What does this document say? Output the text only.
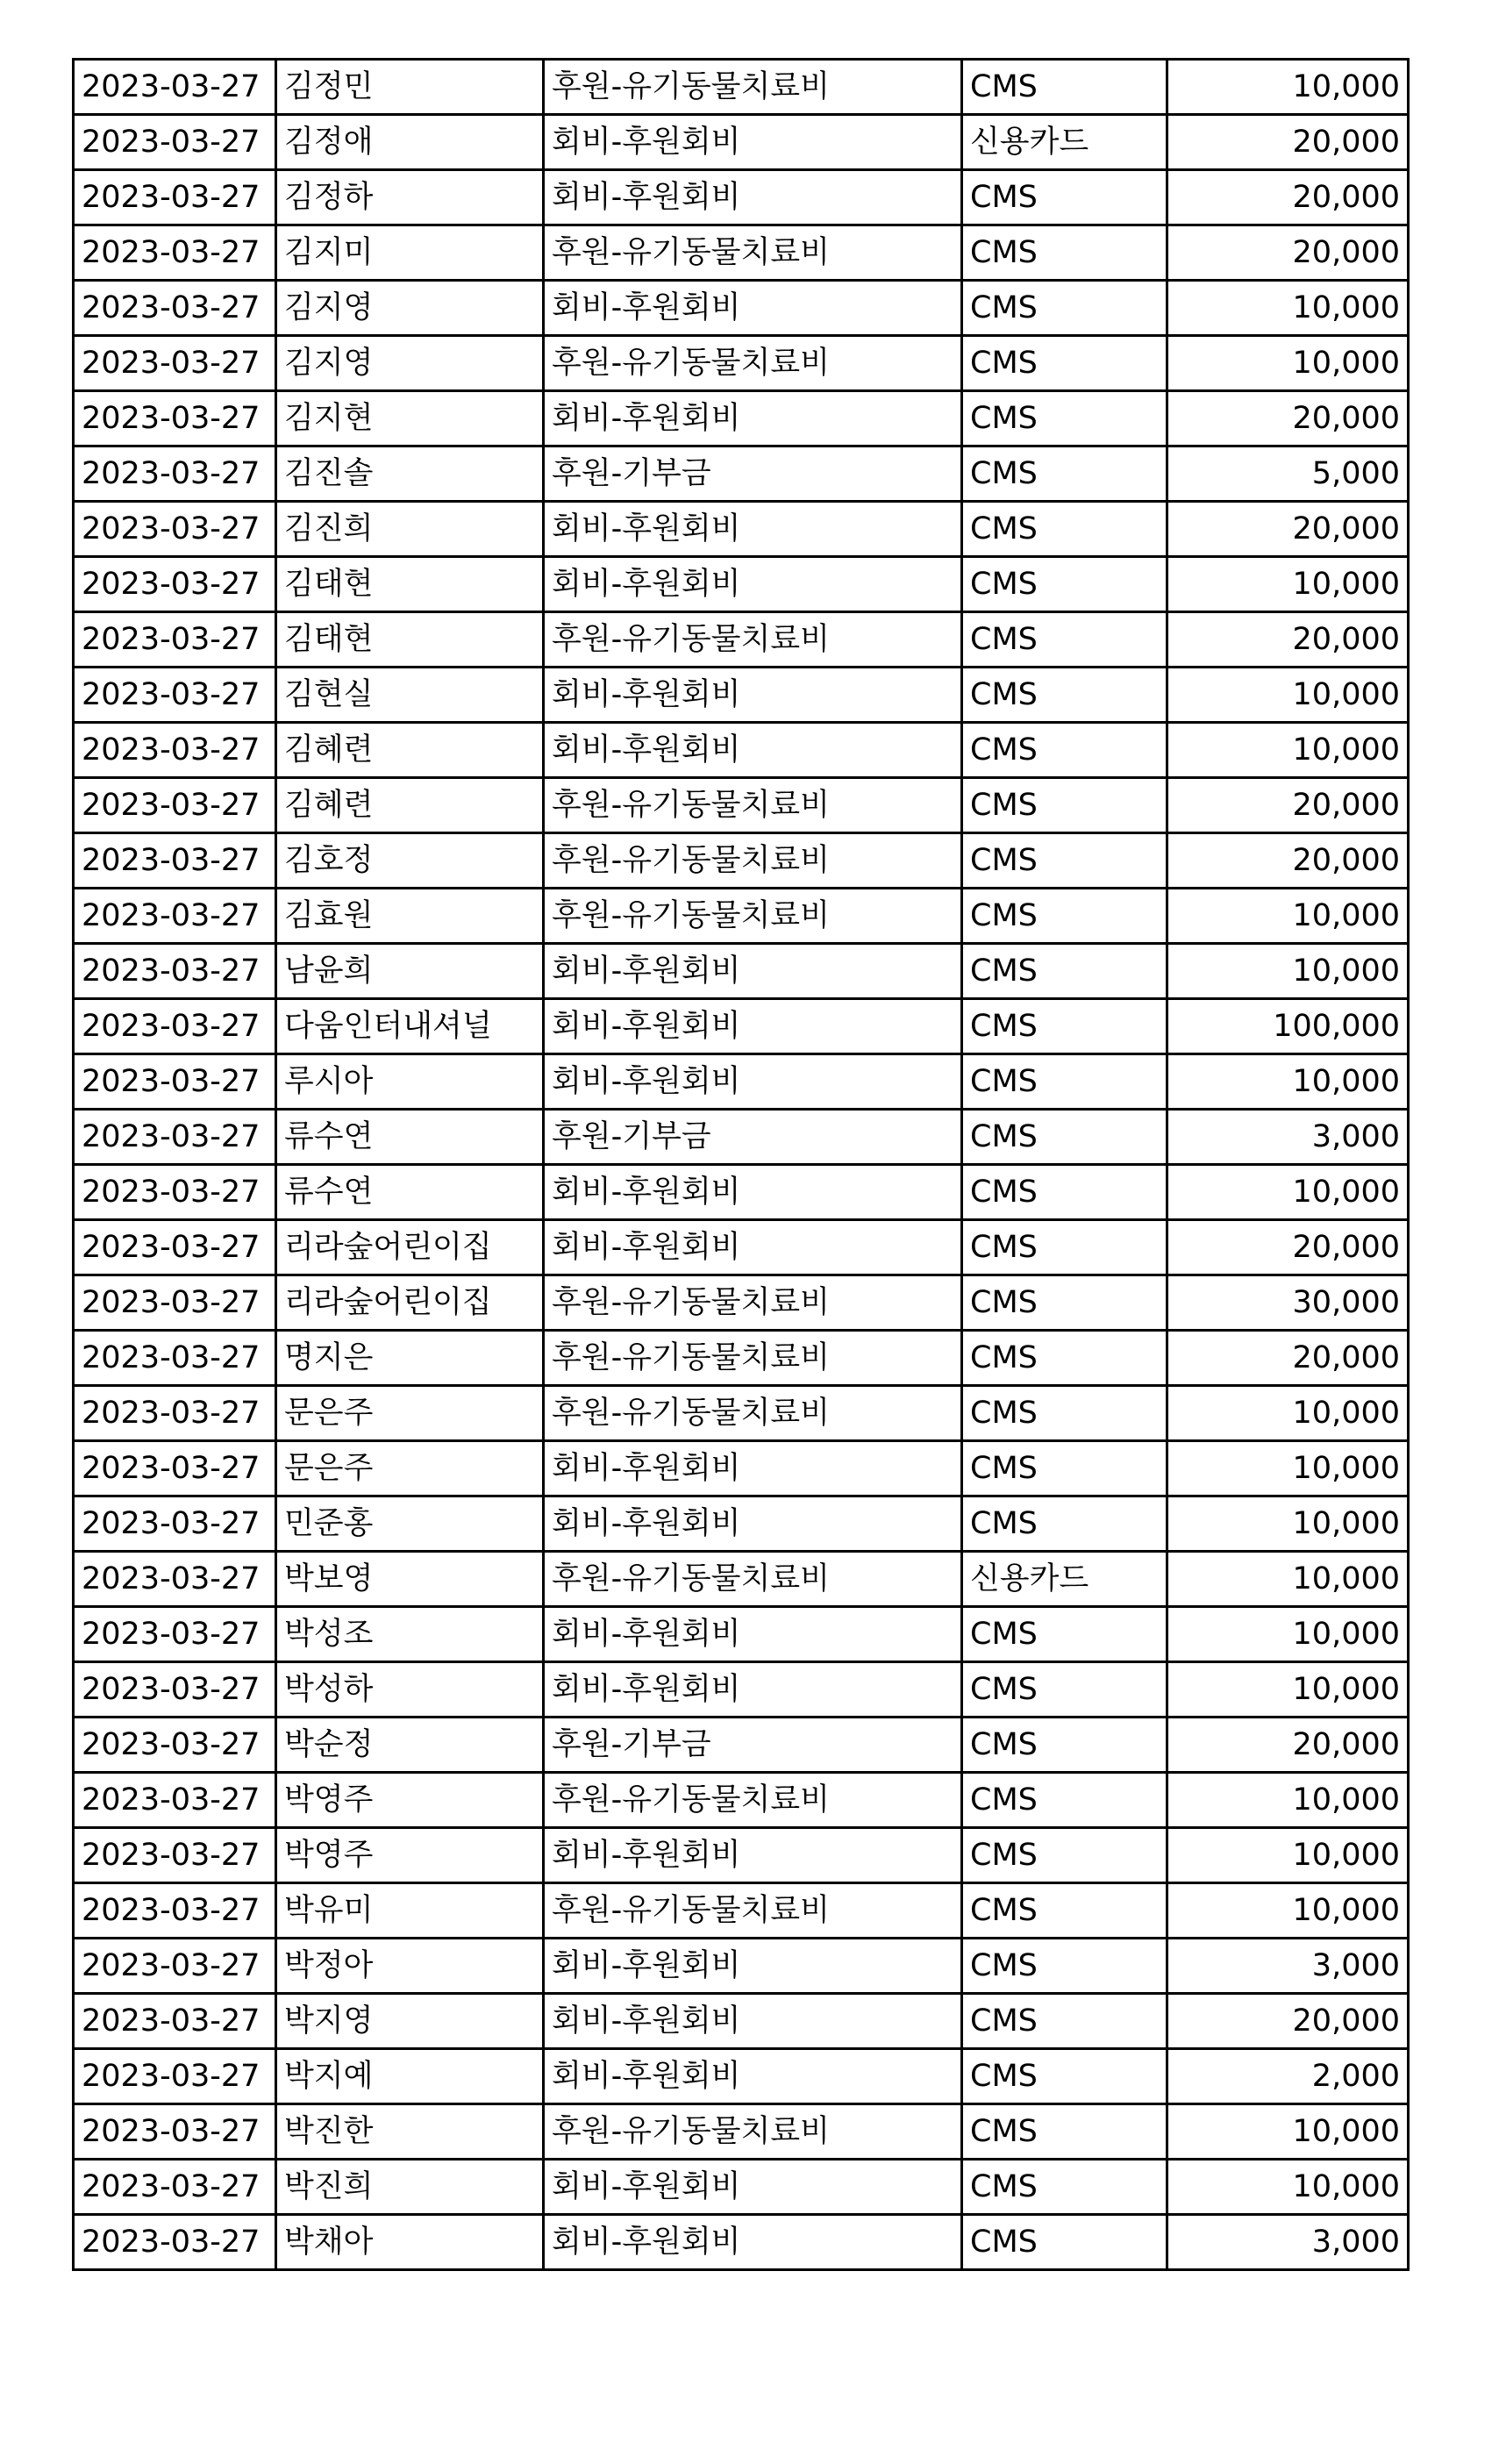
2023-03-27	김정민	후원-유기동물치료비	CMS	10,000
2023-03-27	김정애	회비-후원회비	신용카드	20,000
2023-03-27	김정하	회비-후원회비	CMS	20,000
2023-03-27	김지미	후원-유기동물치료비	CMS	20,000
2023-03-27	김지영	회비-후원회비	CMS	10,000
2023-03-27	김지영	후원-유기동물치료비	CMS	10,000
2023-03-27	김지현	회비-후원회비	CMS	20,000
2023-03-27	김진솔	후원-기부금	CMS	5,000
2023-03-27	김진희	회비-후원회비	CMS	20,000
2023-03-27	김태현	회비-후원회비	CMS	10,000
2023-03-27	김태현	후원-유기동물치료비	CMS	20,000
2023-03-27	김현실	회비-후원회비	CMS	10,000
2023-03-27	김혜련	회비-후원회비	CMS	10,000
2023-03-27	김혜련	후원-유기동물치료비	CMS	20,000
2023-03-27	김호정	후원-유기동물치료비	CMS	20,000
2023-03-27	김효원	후원-유기동물치료비	CMS	10,000
2023-03-27	남윤희	회비-후원회비	CMS	10,000
2023-03-27	다움인터내셔널	회비-후원회비	CMS	100,000
2023-03-27	루시아	회비-후원회비	CMS	10,000
2023-03-27	류수연	후원-기부금	CMS	3,000
2023-03-27	류수연	회비-후원회비	CMS	10,000
2023-03-27	리라숲어린이집	회비-후원회비	CMS	20,000
2023-03-27	리라숲어린이집	후원-유기동물치료비	CMS	30,000
2023-03-27	명지은	후원-유기동물치료비	CMS	20,000
2023-03-27	문은주	후원-유기동물치료비	CMS	10,000
2023-03-27	문은주	회비-후원회비	CMS	10,000
2023-03-27	민준홍	회비-후원회비	CMS	10,000
2023-03-27	박보영	후원-유기동물치료비	신용카드	10,000
2023-03-27	박성조	회비-후원회비	CMS	10,000
2023-03-27	박성하	회비-후원회비	CMS	10,000
2023-03-27	박순정	후원-기부금	CMS	20,000
2023-03-27	박영주	후원-유기동물치료비	CMS	10,000
2023-03-27	박영주	회비-후원회비	CMS	10,000
2023-03-27	박유미	후원-유기동물치료비	CMS	10,000
2023-03-27	박정아	회비-후원회비	CMS	3,000
2023-03-27	박지영	회비-후원회비	CMS	20,000
2023-03-27	박지예	회비-후원회비	CMS	2,000
2023-03-27	박진한	후원-유기동물치료비	CMS	10,000
2023-03-27	박진희	회비-후원회비	CMS	10,000
2023-03-27	박채아	회비-후원회비	CMS	3,000
